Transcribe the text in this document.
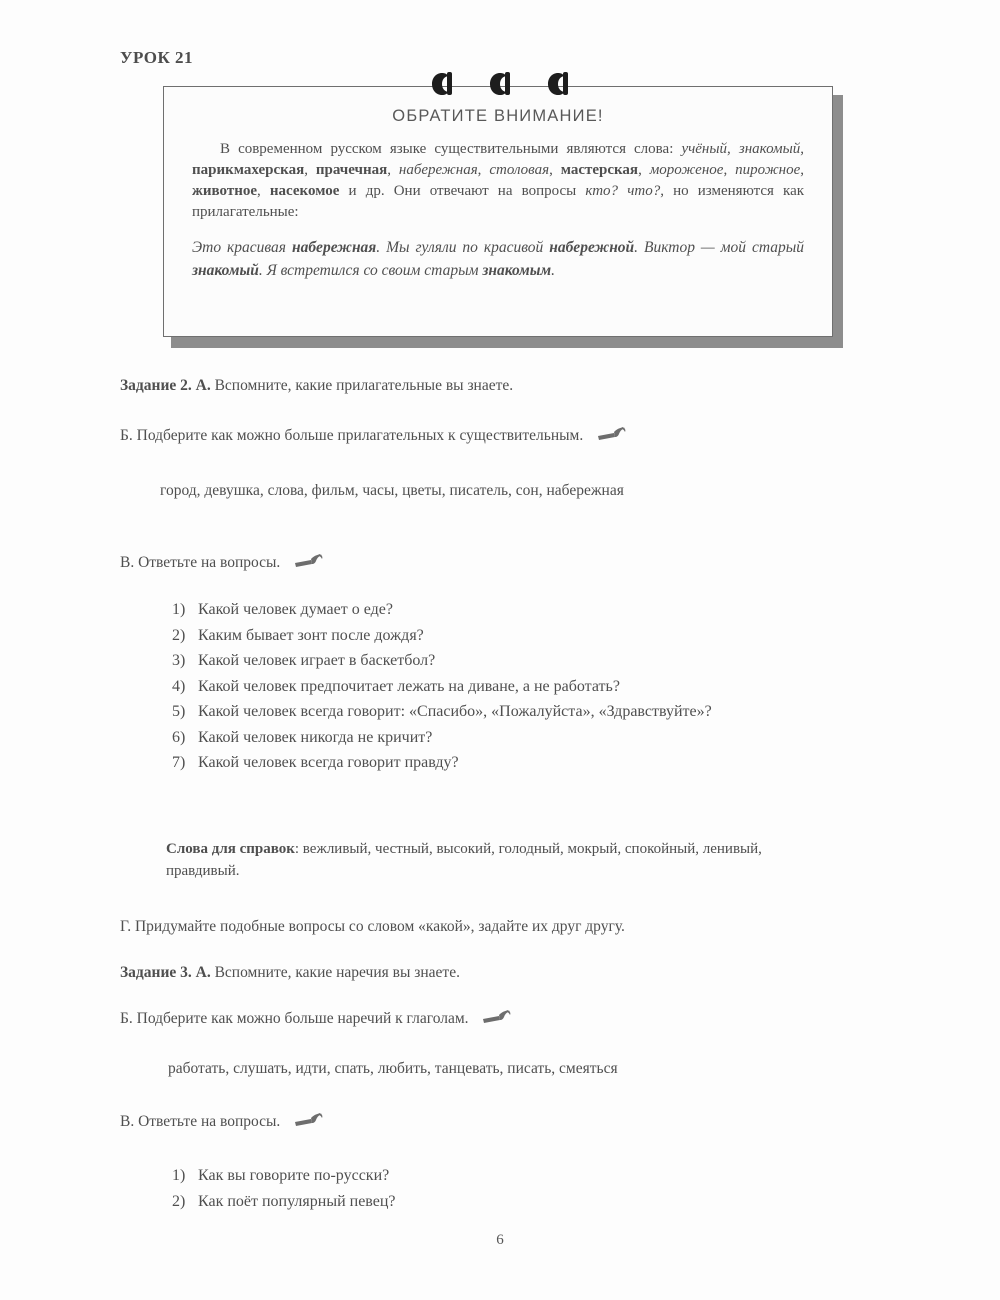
УРОК 21
ОБРАТИТЕ ВНИМАНИЕ!

В современном русском языке существительными являются слова: учёный, знакомый, парикмахерская, прачечная, набережная, столовая, мастерская, мороженое, пирожное, животное, насекомое и др. Они отвечают на вопросы кто? что?, но изменяются как прилагательные:

Это красивая набережная. Мы гуляли по красивой набережной. Виктор — мой старый знакомый. Я встретился со своим старым знакомым.

Задание 2. А. Вспомните, какие прилагательные вы знаете.
Б. Подберите как можно больше прилагательных к существительным.
город, девушка, слова, фильм, часы, цветы, писатель, сон, набережная
В. Ответьте на вопросы.
1) Какой человек думает о еде?
2) Каким бывает зонт после дождя?
3) Какой человек играет в баскетбол?
4) Какой человек предпочитает лежать на диване, а не работать?
5) Какой человек всегда говорит: «Спасибо», «Пожалуйста», «Здравствуйте»?
6) Какой человек никогда не кричит?
7) Какой человек всегда говорит правду?
Слова для справок: вежливый, честный, высокий, голодный, мокрый, спокойный, ленивый, правдивый.
Г. Придумайте подобные вопросы со словом «какой», задайте их друг другу.
Задание 3. А. Вспомните, какие наречия вы знаете.
Б. Подберите как можно больше наречий к глаголам.
работать, слушать, идти, спать, любить, танцевать, писать, смеяться
В. Ответьте на вопросы.
1) Как вы говорите по-русски?
2) Как поёт популярный певец?
6
